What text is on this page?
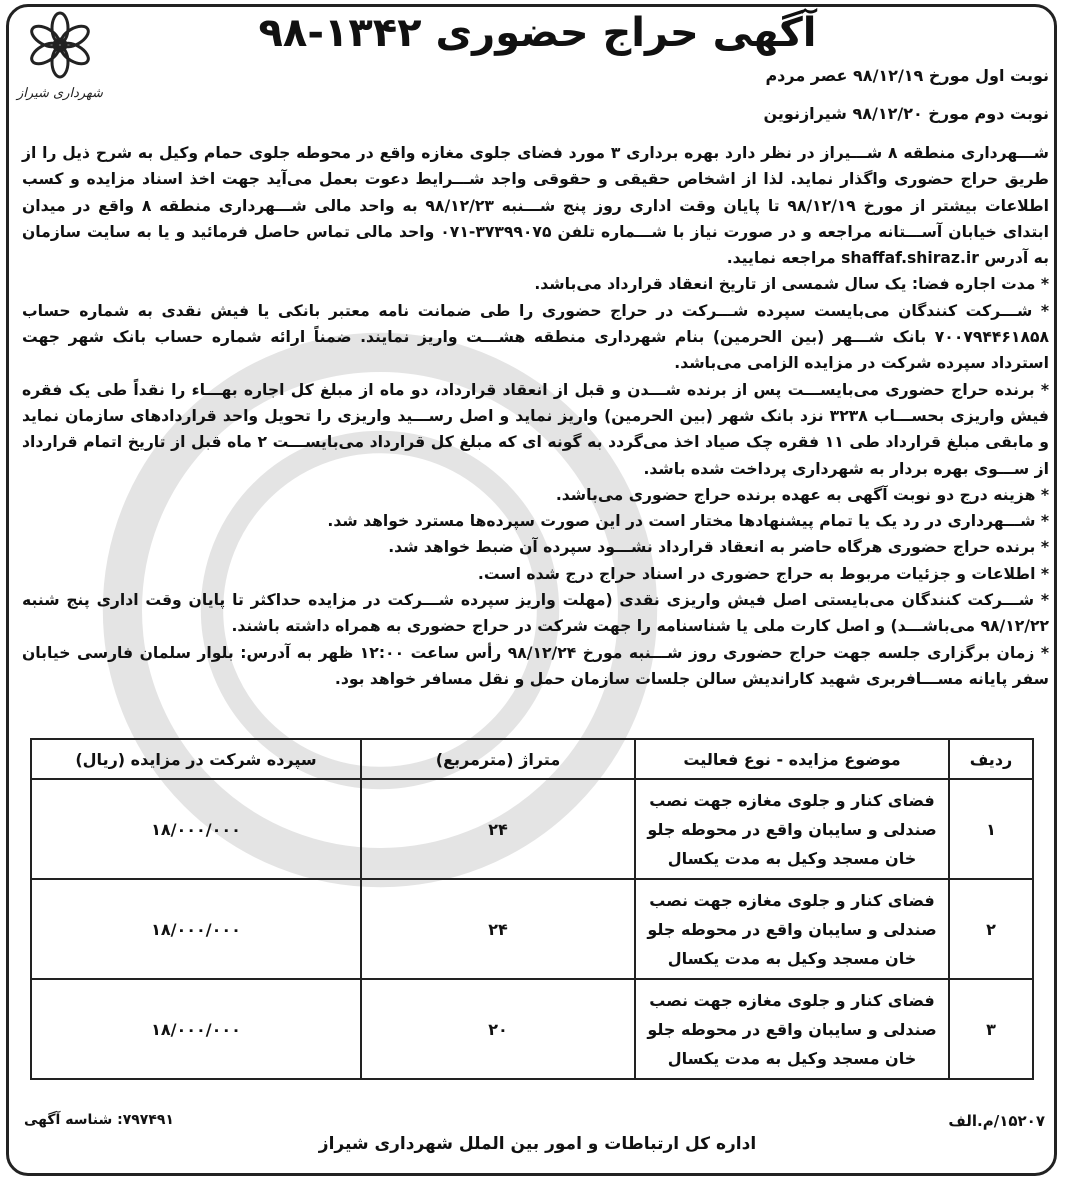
شهرداری شیراز
آگهی حراج حضوری ۱۳۴۲-۹۸
نوبت اول مورخ ۹۸/۱۲/۱۹ عصر مردم
نوبت دوم مورخ ۹۸/۱۲/۲۰ شیرازنوین

شـــهرداری منطقه ۸ شـــیراز در نظر دارد بهره برداری ۳ مورد فضای جلوی مغازه واقع در محوطه جلوی حمام وکیل به شرح ذیل را از طریق حراج حضوری واگذار نماید. لذا از اشخاص حقیقی و حقوقی واجد شـــرایط دعوت بعمل می‌آید جهت اخذ اسناد مزایده و کسب اطلاعات بیشتر از مورخ ۹۸/۱۲/۱۹ تا پایان وقت اداری روز پنج شـــنبه ۹۸/۱۲/۲۳ به واحد مالی شـــهرداری منطقه ۸ واقع در میدان ابتدای خیابان آســـتانه مراجعه و در صورت نیاز با شـــماره تلفن ۳۷۳۹۹۰۷۵-۰۷۱ واحد مالی تماس حاصل فرمائید و یا به سایت سازمان به آدرس shaffaf.shiraz.ir مراجعه نمایید.

* مدت اجاره فضا: یک سال شمسی از تاریخ انعقاد قرارداد می‌باشد.

* شـــرکت کنندگان می‌بایست سپرده شـــرکت در حراج حضوری را طی ضمانت نامه معتبر بانکی یا فیش نقدی به شماره حساب ۷۰۰۷۹۴۴۶۱۸۵۸ بانک شـــهر (بین الحرمین) بنام شهرداری منطقه هشـــت واریز نمایند. ضمناً ارائه شماره حساب بانک شهر جهت استرداد سپرده شرکت در مزایده الزامی می‌باشد.

* برنده حراج حضوری می‌بایســـت پس از برنده شـــدن و قبل از انعقاد قرارداد، دو ماه از مبلغ کل اجاره بهـــاء را نقداً طی یک فقره فیش واریزی بحســـاب ۳۲۳۸ نزد بانک شهر (بین الحرمین) واریز نماید و اصل رســـید واریزی را تحویل واحد قراردادهای سازمان نماید و مابقی مبلغ قرارداد طی ۱۱ فقره چک صیاد اخذ می‌گردد به گونه ای که مبلغ کل قرارداد می‌بایســـت ۲ ماه قبل از تاریخ اتمام قرارداد از ســـوی بهره بردار به شهرداری پرداخت شده باشد.

* هزینه درج دو نوبت آگهی به عهده برنده حراج حضوری می‌باشد.

* شـــهرداری در رد یک یا تمام پیشنهادها مختار است در این صورت سپرده‌ها مسترد خواهد شد.

* برنده حراج حضوری هرگاه حاضر به انعقاد قرارداد نشـــود سپرده آن ضبط خواهد شد.

* اطلاعات و جزئیات مربوط به حراج حضوری در اسناد حراج درج شده است.

* شـــرکت کنندگان می‌بایستی اصل فیش واریزی نقدی (مهلت واریز سپرده شـــرکت در مزایده حداکثر تا پایان وقت اداری پنج شنبه ۹۸/۱۲/۲۲ می‌باشـــد) و اصل کارت ملی یا شناسنامه را جهت شرکت در حراج حضوری به همراه داشته باشند.

* زمان برگزاری جلسه جهت حراج حضوری روز شـــنبه مورخ ۹۸/۱۲/۲۴ رأس ساعت ۱۲:۰۰ ظهر به آدرس: بلوار سلمان فارسی خیابان سفر پایانه مســـافربری شهید کاراندیش سالن جلسات سازمان حمل و نقل مسافر خواهد بود.

ردیف	موضوع مزایده - نوع فعالیت	متراژ (مترمربع)	سپرده شرکت در مزایده (ریال)
۱	فضای کنار و جلوی مغازه جهت نصب صندلی و سایبان واقع در محوطه جلو خان مسجد وکیل به مدت یکسال	۲۴	۱۸/۰۰۰/۰۰۰
۲	فضای کنار و جلوی مغازه جهت نصب صندلی و سایبان واقع در محوطه جلو خان مسجد وکیل به مدت یکسال	۲۴	۱۸/۰۰۰/۰۰۰
۳	فضای کنار و جلوی مغازه جهت نصب صندلی و سایبان واقع در محوطه جلو خان مسجد وکیل به مدت یکسال	۲۰	۱۸/۰۰۰/۰۰۰
۱۵۲۰۷/م.الف
۷۹۷۴۹۱: شناسه آگهی
اداره کل ارتباطات و امور بین الملل شهرداری شیراز
